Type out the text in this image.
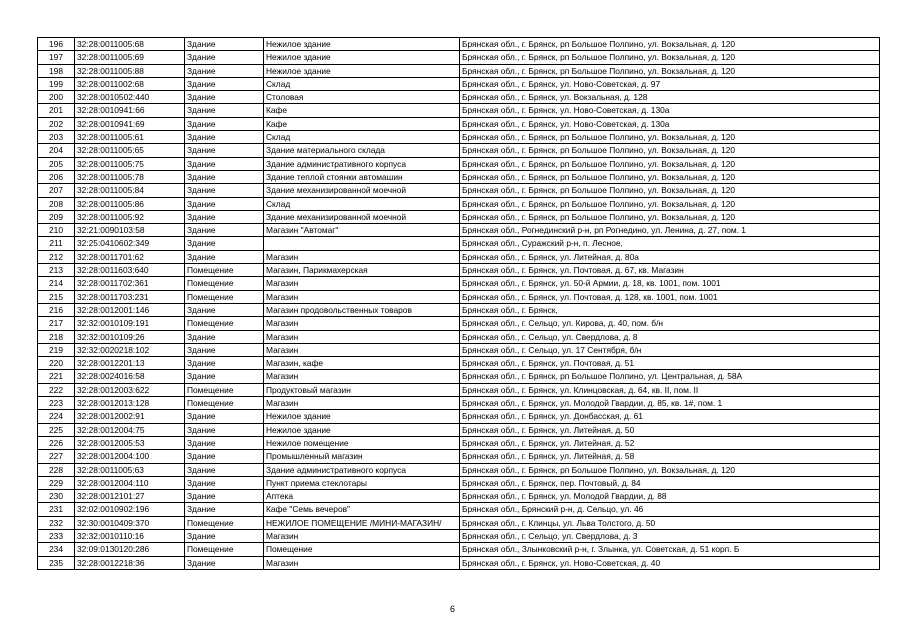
196	32:28:0011005:68	Здание	Нежилое здание	Брянская обл., г. Брянск, рп Большое Полпино, ул. Вокзальная, д. 120
197	32:28:0011005:69	Здание	Нежилое здание	Брянская обл., г. Брянск, рп Большое Полпино, ул. Вокзальная, д. 120
198	32:28:0011005:88	Здание	Нежилое здание	Брянская обл., г. Брянск, рп Большое Полпино, ул. Вокзальная, д. 120
199	32:28:0011002:68	Здание	Склад	Брянская обл., г. Брянск, ул. Ново-Советская, д. 97
200	32:28:0010502:440	Здание	Столовая	Брянская обл., г. Брянск, ул. Вокзальная, д. 128
201	32:28:0010941:66	Здание	Кафе	Брянская обл., г. Брянск, ул. Ново-Советская, д. 130а
202	32:28:0010941:69	Здание	Кафе	Брянская обл., г. Брянск, ул. Ново-Советская, д. 130а
203	32:28:0011005:61	Здание	Склад	Брянская обл., г. Брянск, рп Большое Полпино, ул. Вокзальная, д. 120
204	32:28:0011005:65	Здание	Здание материального склада	Брянская обл., г. Брянск, рп Большое Полпино, ул. Вокзальная, д. 120
205	32:28:0011005:75	Здание	Здание административного корпуса	Брянская обл., г. Брянск, рп Большое Полпино, ул. Вокзальная, д. 120
206	32:28:0011005:78	Здание	Здание теплой стоянки автомашин	Брянская обл., г. Брянск, рп Большое Полпино, ул. Вокзальная, д. 120
207	32:28:0011005:84	Здание	Здание механизированной моечной	Брянская обл., г. Брянск, рп Большое Полпино, ул. Вокзальная, д. 120
208	32:28:0011005:86	Здание	Склад	Брянская обл., г. Брянск, рп Большое Полпино, ул. Вокзальная, д. 120
209	32:28:0011005:92	Здание	Здание механизированной моечной	Брянская обл., г. Брянск, рп Большое Полпино, ул. Вокзальная, д. 120
210	32:21:0090103:58	Здание	Магазин "Автомаг"	Брянская обл., Рогнединский р-н, рп Рогнедино, ул. Ленина, д. 27, пом. 1
211	32:25:0410602:349	Здание		Брянская обл., Суражский р-н, п. Лесное,
212	32:28:0011701:62	Здание	Магазин	Брянская обл., г. Брянск, ул. Литейная, д. 80а
213	32:28:0011603:640	Помещение	Магазин, Парикмахерская	Брянская обл., г. Брянск, ул. Почтовая, д. 67, кв. Магазин
214	32:28:0011702:361	Помещение	Магазин	Брянская обл., г. Брянск, ул. 50-й Армии, д. 18, кв. 1001, пом. 1001
215	32:28:0011703:231	Помещение	Магазин	Брянская обл., г. Брянск, ул. Почтовая, д. 128, кв. 1001, пом. 1001
216	32:28:0012001:146	Здание	Магазин продовольственных товаров	Брянская обл., г. Брянск,
217	32:32:0010109:191	Помещение	Магазин	Брянская обл., г. Сельцо, ул. Кирова, д. 40, пом. б/н
218	32:32:0010109:26	Здание	Магазин	Брянская обл., г. Сельцо, ул. Свердлова, д. 8
219	32:32:0020218:102	Здание	Магазин	Брянская обл., г. Сельцо, ул. 17 Сентября, б/н
220	32:28:0012201:13	Здание	Магазин, кафе	Брянская обл., г. Брянск, ул. Почтовая, д. 51
221	32:28:0024016:58	Здание	Магазин	Брянская обл., г. Брянск, рп Большое Полпино, ул. Центральная, д. 58А
222	32:28:0012003:622	Помещение	Продуктовый магазин	Брянская обл., г. Брянск, ул. Клинцовская, д. 64, кв. II, пом. II
223	32:28:0012013:128	Помещение	Магазин	Брянская обл., г. Брянск, ул. Молодой Гвардии, д. 85, кв. 1#, пом. 1
224	32:28:0012002:91	Здание	Нежилое здание	Брянская обл., г. Брянск, ул. Донбасская, д. 61
225	32:28:0012004:75	Здание	Нежилое здание	Брянская обл., г. Брянск, ул. Литейная, д. 50
226	32:28:0012005:53	Здание	Нежилое помещение	Брянская обл., г. Брянск, ул. Литейная, д. 52
227	32:28:0012004:100	Здание	Промышленный магазин	Брянская обл., г. Брянск, ул. Литейная, д. 58
228	32:28:0011005:63	Здание	Здание административного корпуса	Брянская обл., г. Брянск, рп Большое Полпино, ул. Вокзальная, д. 120
229	32:28:0012004:110	Здание	Пункт приема стеклотары	Брянская обл., г. Брянск, пер. Почтовый, д. 84
230	32:28:0012101:27	Здание	Аптека	Брянская обл., г. Брянск, ул. Молодой Гвардии, д. 88
231	32:02:0010902:196	Здание	Кафе "Семь вечеров"	Брянская обл., Брянский р-н, д. Сельцо, ул. 46
232	32:30:0010409:370	Помещение	НЕЖИЛОЕ ПОМЕЩЕНИЕ /МИНИ-МАГАЗИН/	Брянская обл., г. Клинцы, ул. Льва Толстого, д. 50
233	32:32:0010110:16	Здание	Магазин	Брянская обл., г. Сельцо, ул. Свердлова, д. 3
234	32:09:0130120:286	Помещение	Помещение	Брянская обл., Злынковский р-н, г. Злынка, ул. Советская, д. 51 корп. Б
235	32:28:0012218:36	Здание	Магазин	Брянская обл., г. Брянск, ул. Ново-Советская, д. 40
6
